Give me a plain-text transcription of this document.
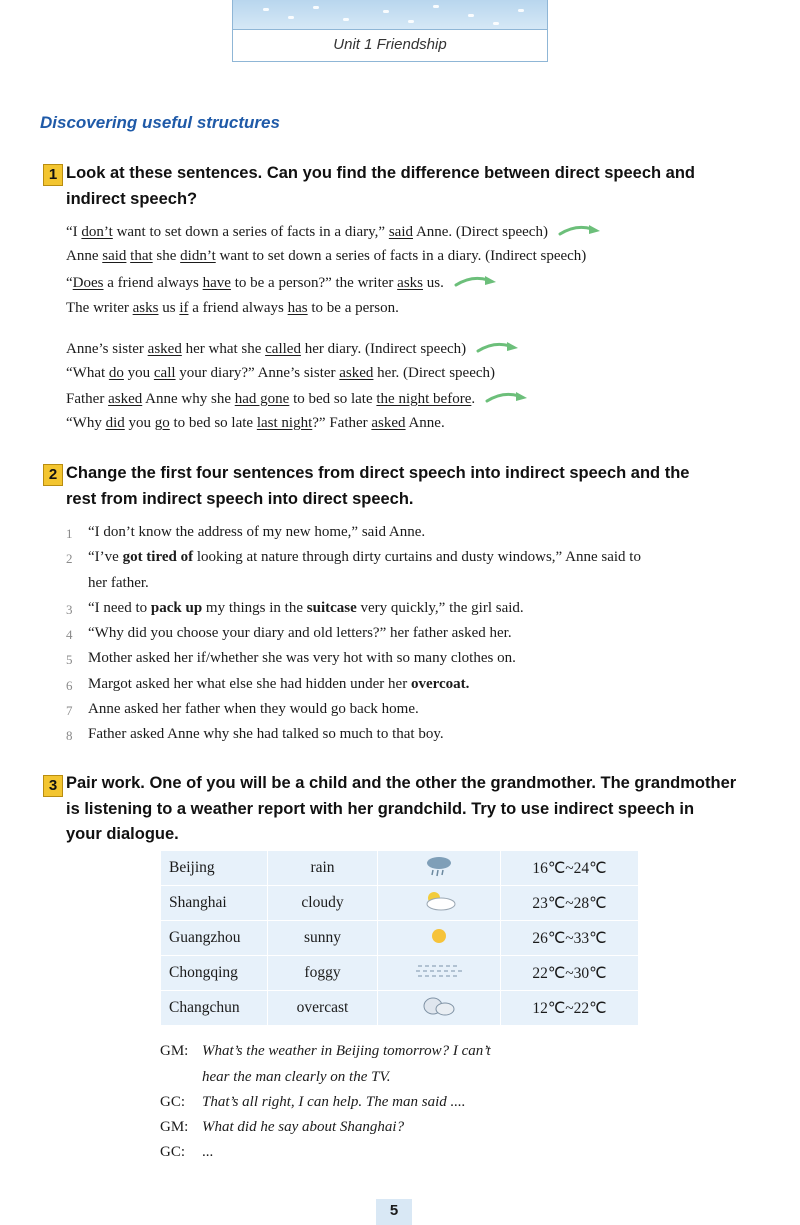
Unit 1 Friendship
Discovering useful structures
1 Look at these sentences. Can you find the difference between direct speech and
indirect speech?
“I don’t want to set down a series of facts in a diary,” said Anne. (Direct speech)
Anne said that she didn’t want to set down a series of facts in a diary. (Indirect speech)
“Does a friend always have to be a person?” the writer asks us.
The writer asks us if a friend always has to be a person.
Anne’s sister asked her what she called her diary. (Indirect speech)
“What do you call your diary?” Anne’s sister asked her. (Direct speech)
Father asked Anne why she had gone to bed so late the night before.
“Why did you go to bed so late last night?” Father asked Anne.
2 Change the first four sentences from direct speech into indirect speech and the
rest from indirect speech into direct speech.
1 “I don’t know the address of my new home,” said Anne.
2 “I’ve got tired of looking at nature through dirty curtains and dusty windows,” Anne said to
her father.
3 “I need to pack up my things in the suitcase very quickly,” the girl said.
4 “Why did you choose your diary and old letters?” her father asked her.
5 Mother asked her if/whether she was very hot with so many clothes on.
6 Margot asked her what else she had hidden under her overcoat.
7 Anne asked her father when they would go back home.
8 Father asked Anne why she had talked so much to that boy.
3 Pair work. One of you will be a child and the other the grandmother. The grandmother
is listening to a weather report with her grandchild. Try to use indirect speech in
your dialogue.
Beijing	rain		16℃~24℃
Shanghai	cloudy		23℃~28℃
Guangzhou	sunny		26℃~33℃
Chongqing	foggy		22℃~30℃
Changchun	overcast		12℃~22℃
GM: What’s the weather in Beijing tomorrow? I can’t
hear the man clearly on the TV.
GC: That’s all right, I can help. The man said ....
GM: What did he say about Shanghai?
GC: ...
5
